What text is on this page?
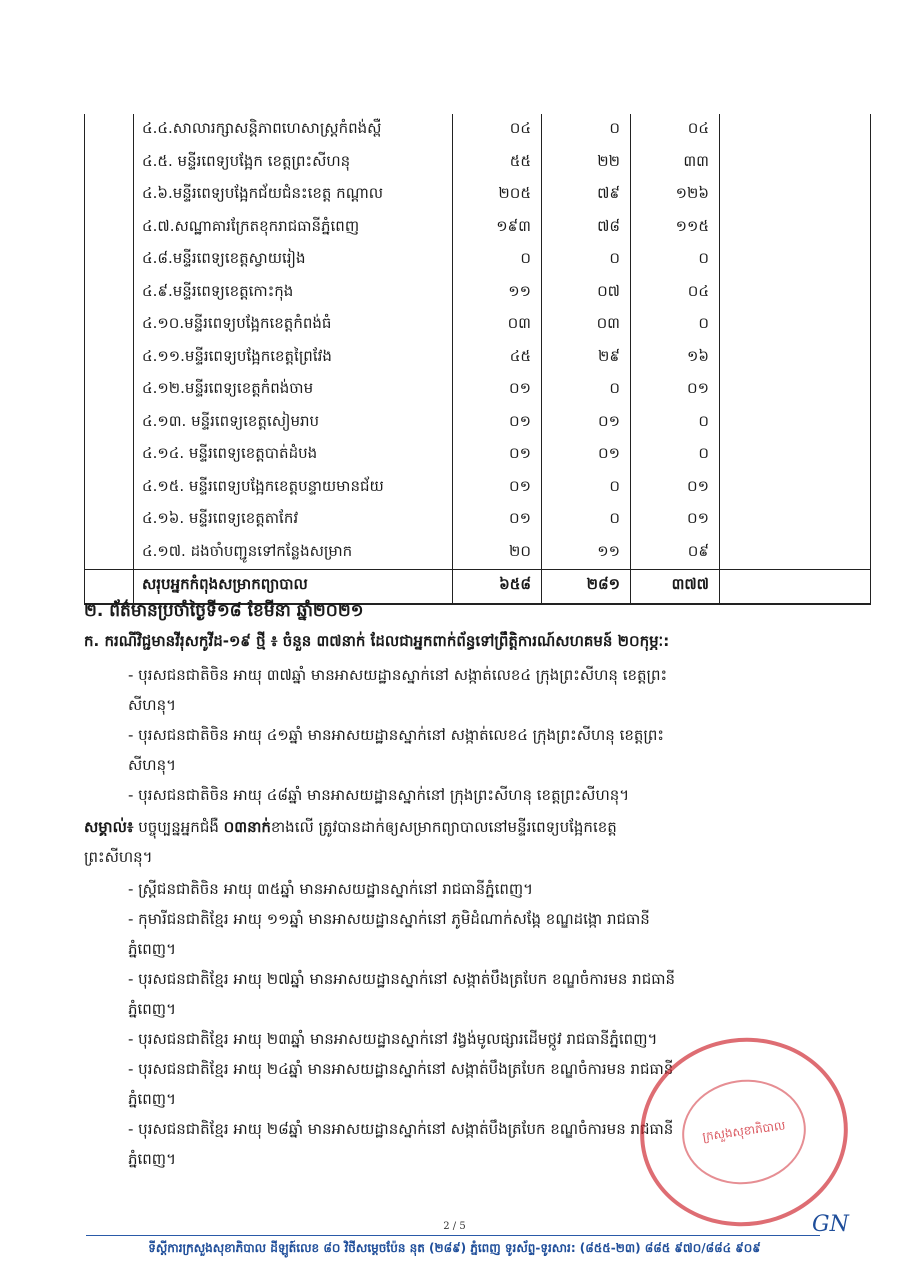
	៤.៤.សាលារក្សាសន្តិភាពហេសាស្ត្រកំពង់ស្ពឺ	០៤	០	០៤	
	៤.៥. មន្ទីរពេទ្យបង្អែក ខេត្តព្រះសីហនុ	៥៥	២២	៣៣	
	៤.៦.មន្ទីរពេទ្យបង្អែកជ័យជំនះខេត្ត កណ្តាល	២០៥	៧៩	១២៦	
	៤.៧.សណ្ឋាគារក្រែតខុករាជធានីភ្នំពេញ	១៩៣	៧៨	១១៥	
	៤.៨.មន្ទីរពេទ្យខេត្តស្វាយរៀង	០	០	០	
	៤.៩.មន្ទីរពេទ្យខេត្តកោះកុង	១១	០៧	០៤	
	៤.១០.មន្ទីរពេទ្យបង្អែកខេត្តកំពង់ធំ	០៣	០៣	០	
	៤.១១.មន្ទីរពេទ្យបង្អែកខេត្តព្រៃវែង	៤៥	២៩	១៦	
	៤.១២.មន្ទីរពេទ្យខេត្តកំពង់ចាម	០១	០	០១	
	៤.១៣. មន្ទីរពេទ្យខេត្តសៀមរាប	០១	០១	០	
	៤.១៤. មន្ទីរពេទ្យខេត្តបាត់ដំបង	០១	០១	០	
	៤.១៥. មន្ទីរពេទ្យបង្អែកខេត្តបន្ទាយមានជ័យ	០១	០	០១	
	៤.១៦. មន្ទីរពេទ្យខេត្តតាកែវ	០១	០	០១	
	៤.១៧. ដងចាំបញ្ជូនទៅកន្លែងសម្រាក	២០	១១	០៩	
	សរុបអ្នកកំពុងសម្រាកព្យាបាល	៦៥៨	២៨១	៣៧៧	
២. ព័ត៌មានប្រចាំថ្ងៃទី១៨ ខែមីនា ឆ្នាំ២០២១
ក. ករណីវិជ្ជមានវីរុសកូវីដ-១៩ ថ្មី ៖ ចំនួន ៣៧នាក់ ដែលជាអ្នកពាក់ព័ន្ធទៅព្រឹត្តិការណ៍សហគមន៍ ២០កុម្ភៈ:
- បុរសជនជាតិចិន អាយុ ៣៧ឆ្នាំ មានអាសយដ្ឋានស្នាក់នៅ សង្កាត់លេខ៤ ក្រុងព្រះសីហនុ ខេត្តព្រះ
សីហនុ។
- បុរសជនជាតិចិន អាយុ ៤១ឆ្នាំ មានអាសយដ្ឋានស្នាក់នៅ សង្កាត់លេខ៤ ក្រុងព្រះសីហនុ ខេត្តព្រះ
សីហនុ។
- បុរសជនជាតិចិន អាយុ ៤៨ឆ្នាំ មានអាសយដ្ឋានស្នាក់នៅ ក្រុងព្រះសីហនុ ខេត្តព្រះសីហនុ។
សម្គាល់៖ បច្ចុប្បន្នអ្នកជំងឺ ០៣នាក់ខាងលើ ត្រូវបានដាក់ឲ្យសម្រាកព្យាបាលនៅមន្ទីរពេទ្យបង្អែកខេត្ត
ព្រះសីហនុ។
- ស្ត្រីជនជាតិចិន អាយុ ៣៥ឆ្នាំ មានអាសយដ្ឋានស្នាក់នៅ រាជធានីភ្នំពេញ។
- កុមារីជនជាតិខ្មែរ អាយុ ១១ឆ្នាំ មានអាសយដ្ឋានស្នាក់នៅ ភូមិដំណាក់សង្កែ ខណ្ឌដង្កោ រាជធានី
ភ្នំពេញ។
- បុរសជនជាតិខ្មែរ អាយុ ២៧ឆ្នាំ មានអាសយដ្ឋានស្នាក់នៅ សង្កាត់បឹងត្របែក ខណ្ឌចំការមន រាជធានី
ភ្នំពេញ។
- បុរសជនជាតិខ្មែរ អាយុ ២៣ឆ្នាំ មានអាសយដ្ឋានស្នាក់នៅ វង្វង់មូលផ្សារដើមថ្កូវ រាជធានីភ្នំពេញ។
- បុរសជនជាតិខ្មែរ អាយុ ២៤ឆ្នាំ មានអាសយដ្ឋានស្នាក់នៅ សង្កាត់បឹងត្របែក ខណ្ឌចំការមន រាជធានី
ភ្នំពេញ។
- បុរសជនជាតិខ្មែរ អាយុ ២៨ឆ្នាំ មានអាសយដ្ឋានស្នាក់នៅ សង្កាត់បឹងត្របែក ខណ្ឌចំការមន រាជធានី
ភ្នំពេញ។
ក្រសួងសុខាភិបាល
2 / 5	GN
ទីស្តីការក្រសួងសុខាភិបាល ដីឡូត៍លេខ ៨០ វិថីសម្តេចប៉ែន នុត (២៨៩) ភ្នំពេញ ទូរស័ព្ទ-ទូរសារ: (៨៥៥-២៣) ៨៨៥ ៩៧០/៨៨៤ ៩០៩
